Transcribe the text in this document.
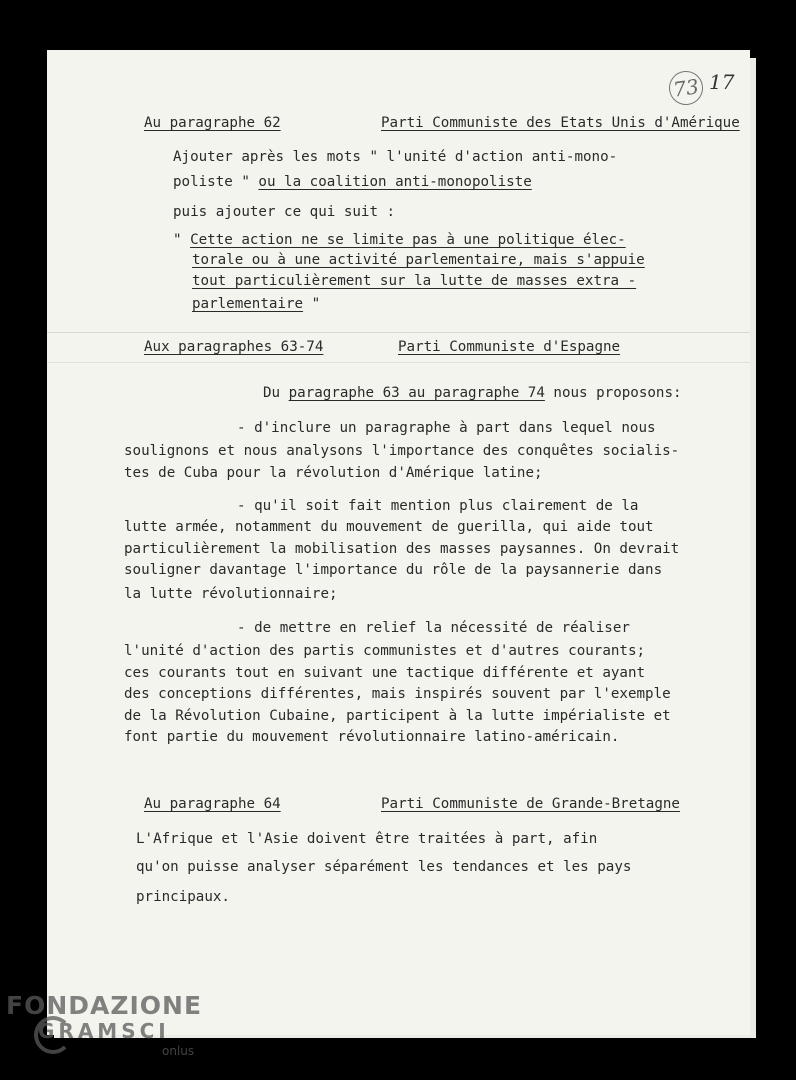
73 17
Au paragraphe 62	Parti Communiste des Etats Unis d'Amérique
Ajouter après les mots " l'unité d'action anti-mono-
poliste " ou la coalition anti-monopoliste
puis ajouter ce qui suit :
" Cette action ne se limite pas à une politique élec-
torale ou à une activité parlementaire, mais s'appuie
tout particulièrement sur la lutte de masses extra -
parlementaire "
Aux paragraphes 63-74	Parti Communiste d'Espagne
Du paragraphe 63 au paragraphe 74 nous proposons:
- d'inclure un paragraphe à part dans lequel nous
soulignons et nous analysons l'importance des conquêtes socialis-
tes de Cuba pour la révolution d'Amérique latine;
- qu'il soit fait mention plus clairement de la
lutte armée, notamment du mouvement de guerilla, qui aide tout
particulièrement la mobilisation des masses paysannes. On devrait
souligner davantage l'importance du rôle de la paysannerie dans
la lutte révolutionnaire;
- de mettre en relief la nécessité de réaliser
l'unité d'action des partis communistes et d'autres courants;
ces courants tout en suivant une tactique différente et ayant
des conceptions différentes, mais inspirés souvent par l'exemple
de la Révolution Cubaine, participent à la lutte impérialiste et
font partie du mouvement révolutionnaire latino-américain.
Au paragraphe 64	Parti Communiste de Grande-Bretagne
L'Afrique et l'Asie doivent être traitées à part, afin
qu'on puisse analyser séparément les tendances et les pays
principaux.
FONDAZIONE
GRAMSCI
onlus
